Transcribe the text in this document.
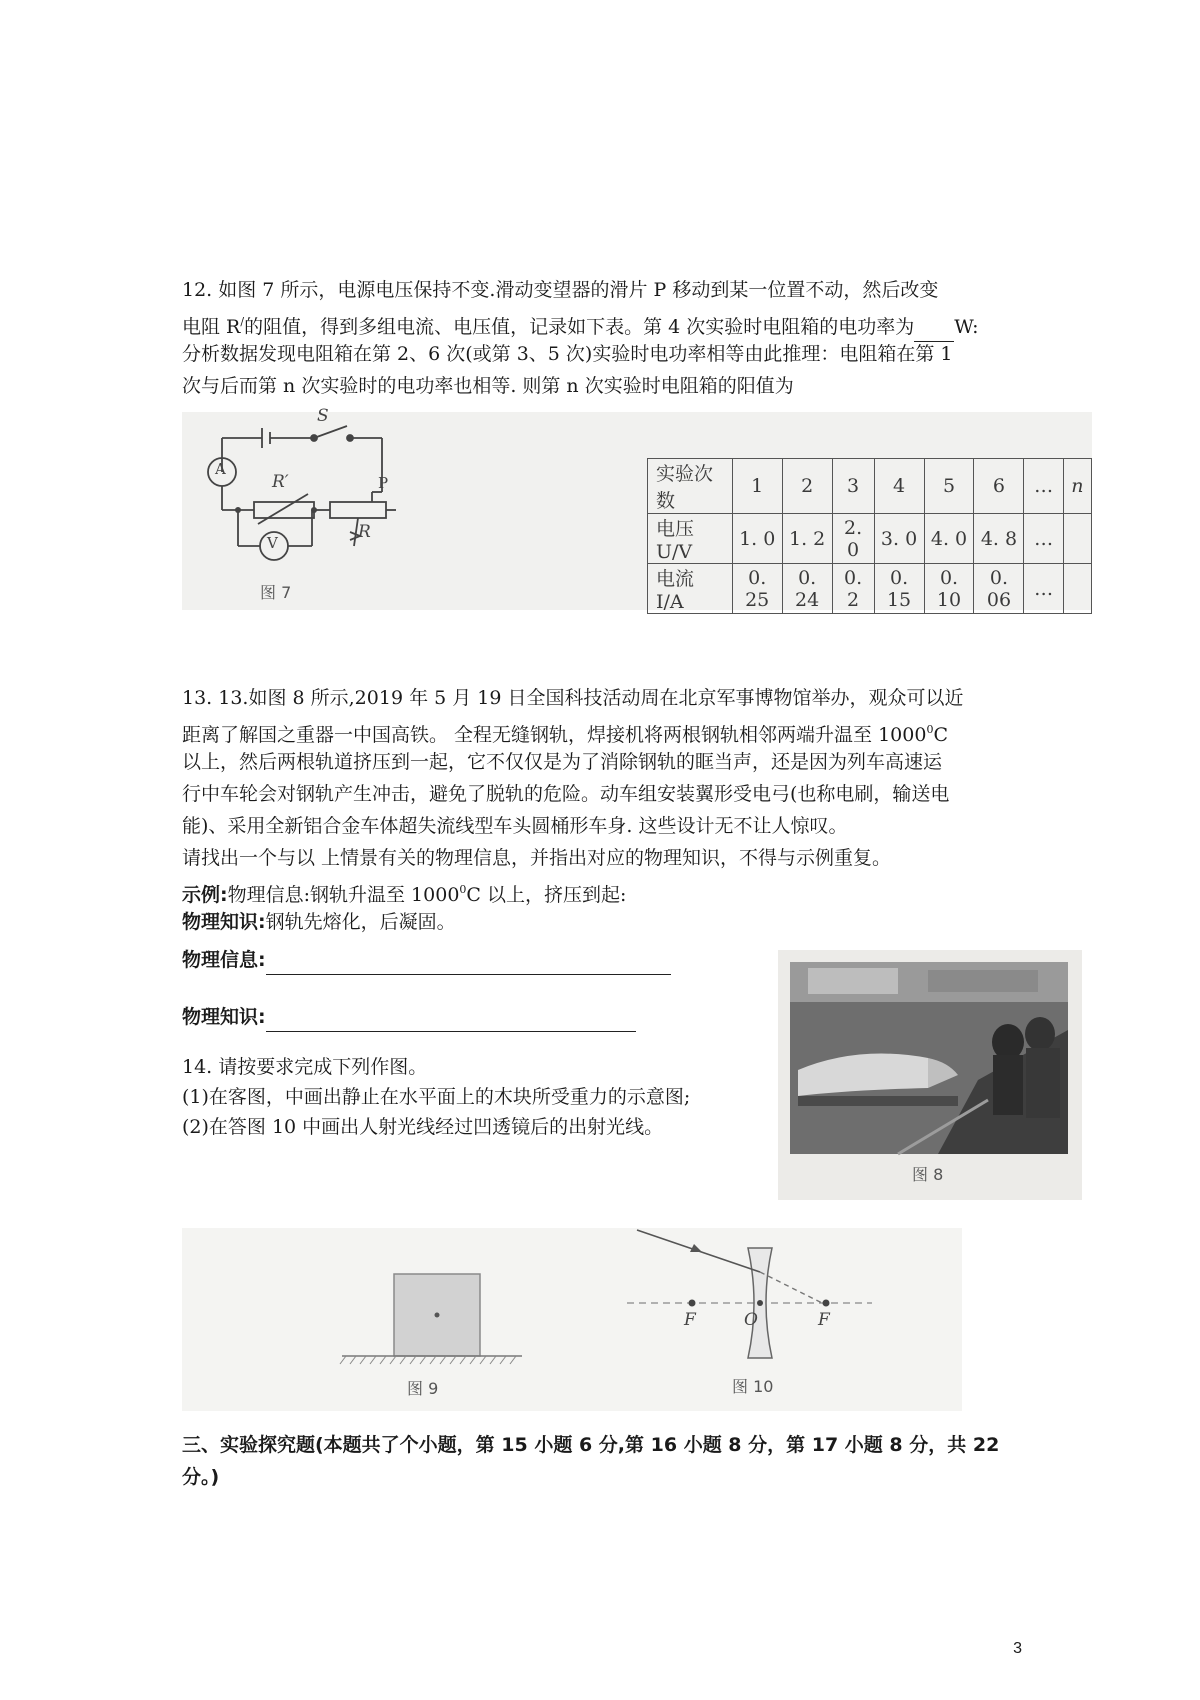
12. 如图 7 所示，电源电压保持不变.滑动变望器的滑片 P 移动到某一位置不动，然后改变
电阻 R/的阻值，得到多组电流、电压值，记录如下表。第 4 次实验时电阻箱的电功率为 W:
分析数据发现电阻箱在第 2、6 次(或第 3、5 次)实验时电功率相等由此推理：电阻箱在第 1
次与后而第 n 次实验时的电功率也相等. 则第 n 次实验时电阻箱的阳值为
S
A
V
R′
R
P
图 7
实验次数	1	2	3	4	5	6	…	n
电压 U/V	1. 0	1. 2	2. 0	3. 0	4. 0	4. 8	…	
电流 I/A	0. 25	0. 24	0. 2	0. 15	0. 10	0. 06	…	
13. 13.如图 8 所示,2019 年 5 月 19 日全国科技活动周在北京军事博物馆举办，观众可以近
距离了解国之重器一中国高铁。 全程无缝钢轨，焊接机将两根钢轨相邻两端升温至 1000$^0$C
以上，然后两根轨道挤压到一起，它不仅仅是为了消除钢轨的眶当声，还是因为列车高速运
行中车轮会对钢轨产生冲击，避免了脱轨的危险。动车组安装翼形受电弓(也称电刷，输送电
能)、采用全新铝合金车体超失流线型车头圆桶形车身. 这些设计无不让人惊叹。
请找出一个与以 上情景有关的物理信息，并指出对应的物理知识，不得与示例重复。
示例:物理信息:钢轨升温至 1000$^0$C 以上，挤压到起:
物理知识:钢轨先熔化，后凝固。
物理信息:
物理知识:
图 8
14. 请按要求完成下列作图。
(1)在客图，中画出静止在水平面上的木块所受重力的示意图;
(2)在答图 10 中画出人射光线经过凹透镜后的出射光线。
F	O	F
图 9	图 10
三、实验探究题(本题共了个小题，第 15 小题 6 分,第 16 小题 8 分，第 17 小题 8 分，共 22
分。)
3
